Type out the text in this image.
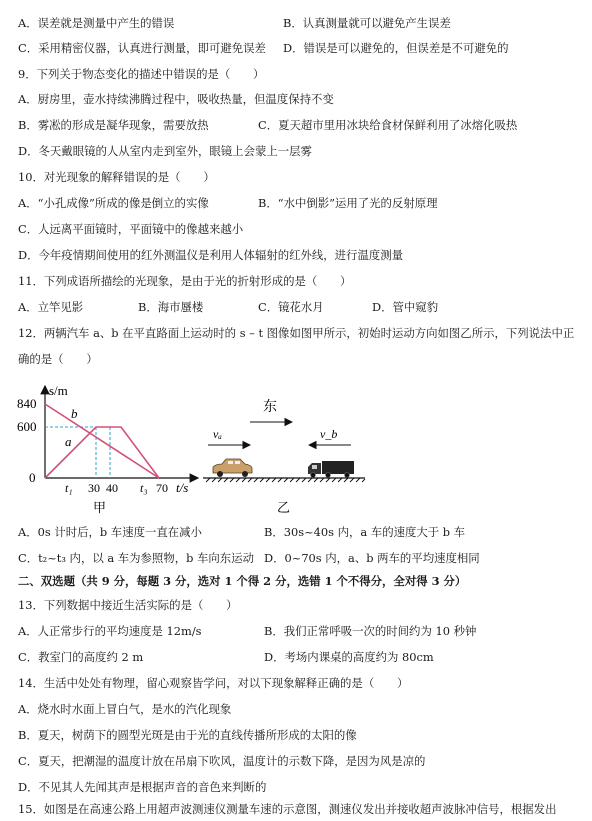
A．误差就是测量中产生的错误	B．认真测量就可以避免产生误差
C．采用精密仪器，认真进行测量，即可避免误差 D．错误是可以避免的，但误差是不可避免的
9．下列关于物态变化的描述中错误的是（　　）
A．厨房里，壶水持续沸腾过程中，吸收热量，但温度保持不变
B．雾凇的形成是凝华现象，需要放热	C．夏天超市里用冰块给食材保鲜利用了冰熔化吸热
D．冬天戴眼镜的人从室内走到室外，眼镜上会蒙上一层雾
10．对光现象的解释错误的是（　　）
A．“小孔成像”所成的像是倒立的实像	B．“水中倒影”运用了光的反射原理
C．人远离平面镜时，平面镜中的像越来越小
D．今年疫情期间使用的红外测温仪是利用人体辐射的红外线，进行温度测量
11．下列成语所描绘的光现象，是由于光的折射形成的是（　　）
A．立竿见影	B．海市蜃楼	C．镜花水月	D．管中窥豹
12．两辆汽车 a、b 在平直路面上运动时的 s – t 图像如图甲所示，初始时运动方向如图乙所示，下列说法中正
确的是（　　）
s/m
840
600
0
b
a
t₁ 30 40 t₃ 70 t/s
甲
东
vₐ	v_b
乙
A．0s 计时后，b 车速度一直在减小	B．30s~40s 内，a 车的速度大于 b 车
C．t₂~t₃ 内，以 a 车为参照物，b 车向东运动 D．0~70s 内，a、b 两车的平均速度相同
二、双选题（共 9 分，每题 3 分，选对 1 个得 2 分，选错 1 个不得分，全对得 3 分）
13．下列数据中接近生活实际的是（　　）
A．人正常步行的平均速度是 12m/s	B．我们正常呼吸一次的时间约为 10 秒钟
C．教室门的高度约 2 m	D．考场内课桌的高度约为 80cm
14．生活中处处有物理，留心观察皆学问，对以下现象解释正确的是（　　）
A．烧水时水面上冒白气，是水的汽化现象
B．夏天，树荫下的圆型光斑是由于光的直线传播所形成的太阳的像
C．夏天，把潮湿的温度计放在吊扇下吹风，温度计的示数下降，是因为风是凉的
D．不见其人先闻其声是根据声音的音色来判断的
15．如图是在高速公路上用超声波测速仪测量车速的示意图，测速仪发出并接收超声波脉冲信号，根据发出
